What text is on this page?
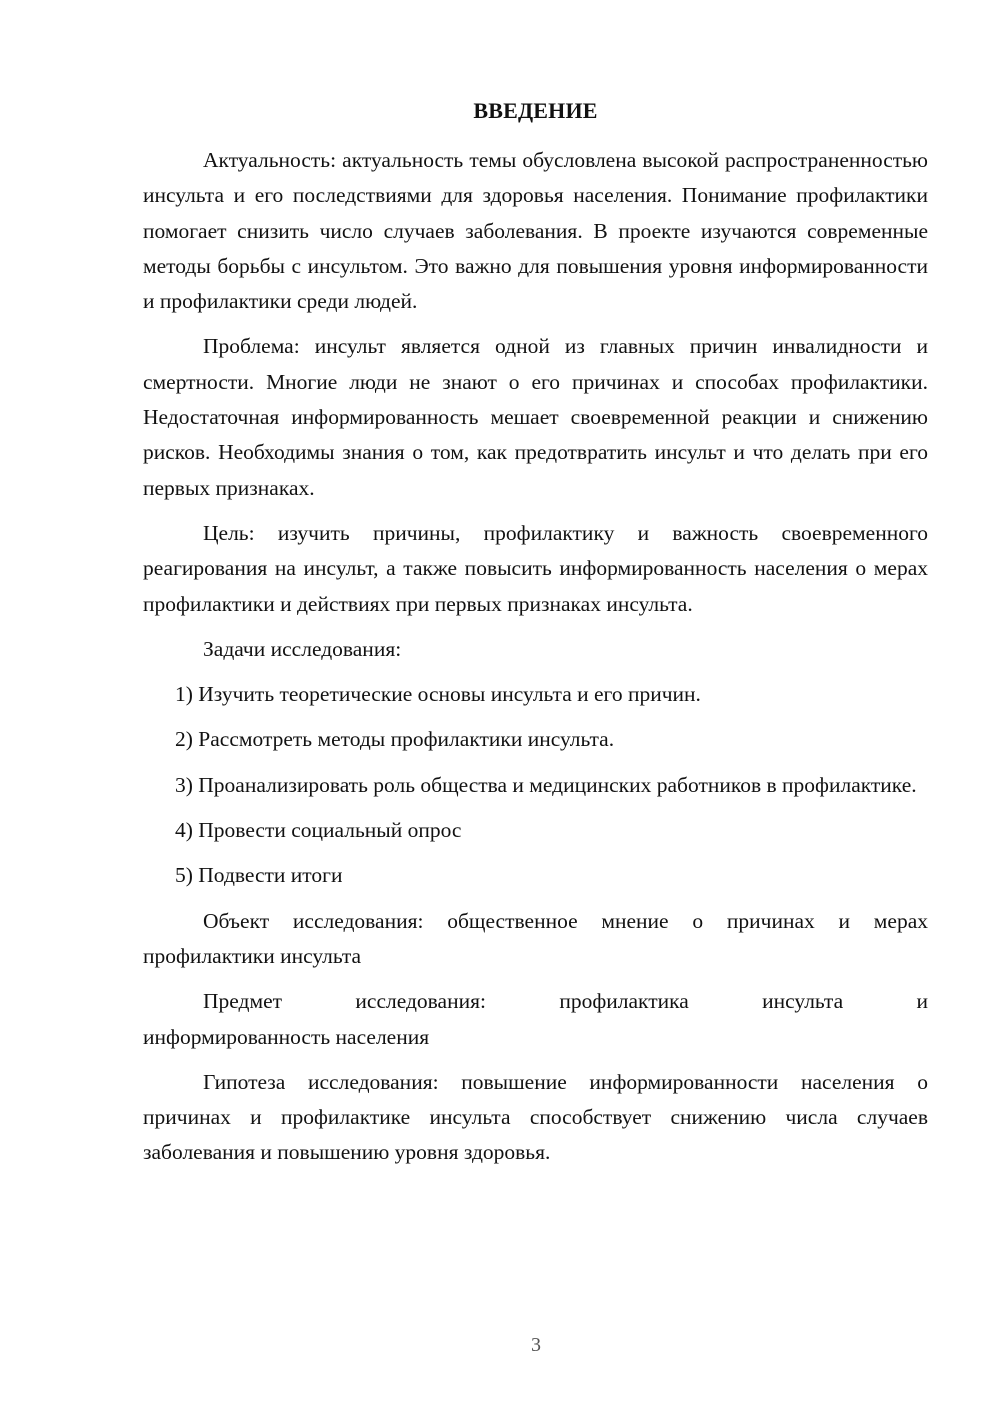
ВВЕДЕНИЕ

Актуальность: актуальность темы обусловлена высокой распространенностью инсульта и его последствиями для здоровья населения. Понимание профилактики помогает снизить число случаев заболевания. В проекте изучаются современные методы борьбы с инсультом. Это важно для повышения уровня информированности и профилактики среди людей.

Проблема: инсульт является одной из главных причин инвалидности и смертности. Многие люди не знают о его причинах и способах профилактики. Недостаточная информированность мешает своевременной реакции и снижению рисков. Необходимы знания о том, как предотвратить инсульт и что делать при его первых признаках.

Цель: изучить причины, профилактику и важность своевременного реагирования на инсульт, а также повысить информированность населения о мерах профилактики и действиях при первых признаках инсульта.

Задачи исследования:

1) Изучить теоретические основы инсульта и его причин.

2) Рассмотреть методы профилактики инсульта.

3) Проанализировать роль общества и медицинских работников в профилактике.

4) Провести социальный опрос

5) Подвести итоги

Объект исследования: общественное мнение о причинах и мерах профилактики инсульта

Предмет исследования: профилактика инсульта и
информированность населения

Гипотеза исследования: повышение информированности населения о причинах и профилактике инсульта способствует снижению числа случаев заболевания и повышению уровня здоровья.

3
